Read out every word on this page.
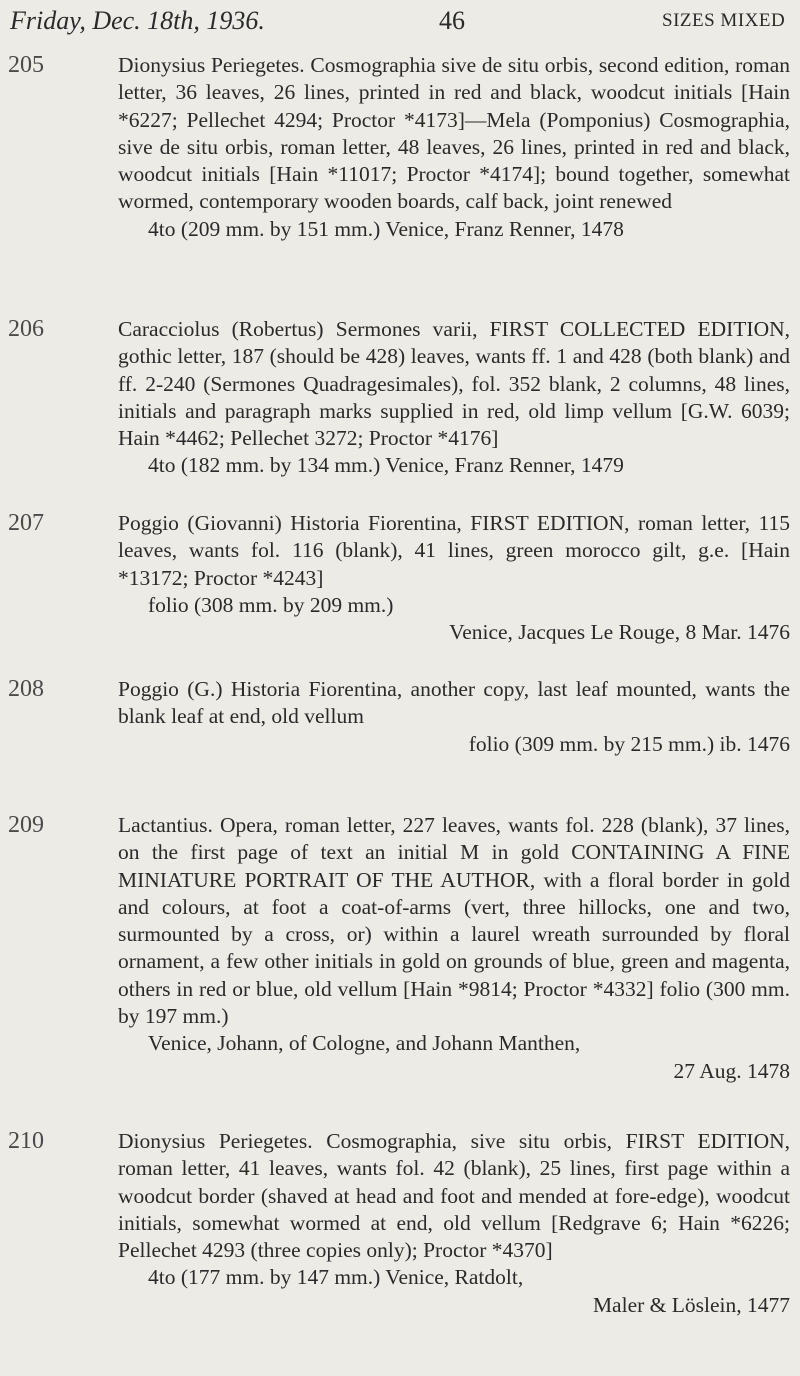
Friday, Dec. 18th, 1936.	46	SIZES MIXED
205	Dionysius Periegetes. Cosmographia sive de situ orbis, second edition, roman letter, 36 leaves, 26 lines, printed in red and black, woodcut initials [Hain *6227; Pellechet 4294; Proctor *4173]—Mela (Pomponius) Cosmographia, sive de situ orbis, roman letter, 48 leaves, 26 lines, printed in red and black, woodcut initials [Hain *11017; Proctor *4174]; bound together, somewhat wormed, contemporary wooden boards, calf back, joint renewed
4to (209 mm. by 151 mm.) Venice, Franz Renner, 1478
206	Caracciolus (Robertus) Sermones varii, FIRST COLLECTED EDITION, gothic letter, 187 (should be 428) leaves, wants ff. 1 and 428 (both blank) and ff. 2-240 (Sermones Quadragesimales), fol. 352 blank, 2 columns, 48 lines, initials and paragraph marks supplied in red, old limp vellum [G.W. 6039; Hain *4462; Pellechet 3272; Proctor *4176]
4to (182 mm. by 134 mm.) Venice, Franz Renner, 1479
207	Poggio (Giovanni) Historia Fiorentina, FIRST EDITION, roman letter, 115 leaves, wants fol. 116 (blank), 41 lines, green morocco gilt, g.e. [Hain *13172; Proctor *4243]
folio (308 mm. by 209 mm.)
Venice, Jacques Le Rouge, 8 Mar. 1476
208	Poggio (G.) Historia Fiorentina, another copy, last leaf mounted, wants the blank leaf at end, old vellum
folio (309 mm. by 215 mm.) ib. 1476
209	Lactantius. Opera, roman letter, 227 leaves, wants fol. 228 (blank), 37 lines, on the first page of text an initial M in gold CONTAINING A FINE MINIATURE PORTRAIT OF THE AUTHOR, with a floral border in gold and colours, at foot a coat-of-arms (vert, three hillocks, one and two, surmounted by a cross, or) within a laurel wreath surrounded by floral ornament, a few other initials in gold on grounds of blue, green and magenta, others in red or blue, old vellum [Hain *9814; Proctor *4332] folio (300 mm. by 197 mm.)
Venice, Johann, of Cologne, and Johann Manthen,
27 Aug. 1478
210	Dionysius Periegetes. Cosmographia, sive situ orbis, FIRST EDITION, roman letter, 41 leaves, wants fol. 42 (blank), 25 lines, first page within a woodcut border (shaved at head and foot and mended at fore-edge), woodcut initials, somewhat wormed at end, old vellum [Redgrave 6; Hain *6226; Pellechet 4293 (three copies only); Proctor *4370]
4to (177 mm. by 147 mm.) Venice, Ratdolt,
Maler & Löslein, 1477
